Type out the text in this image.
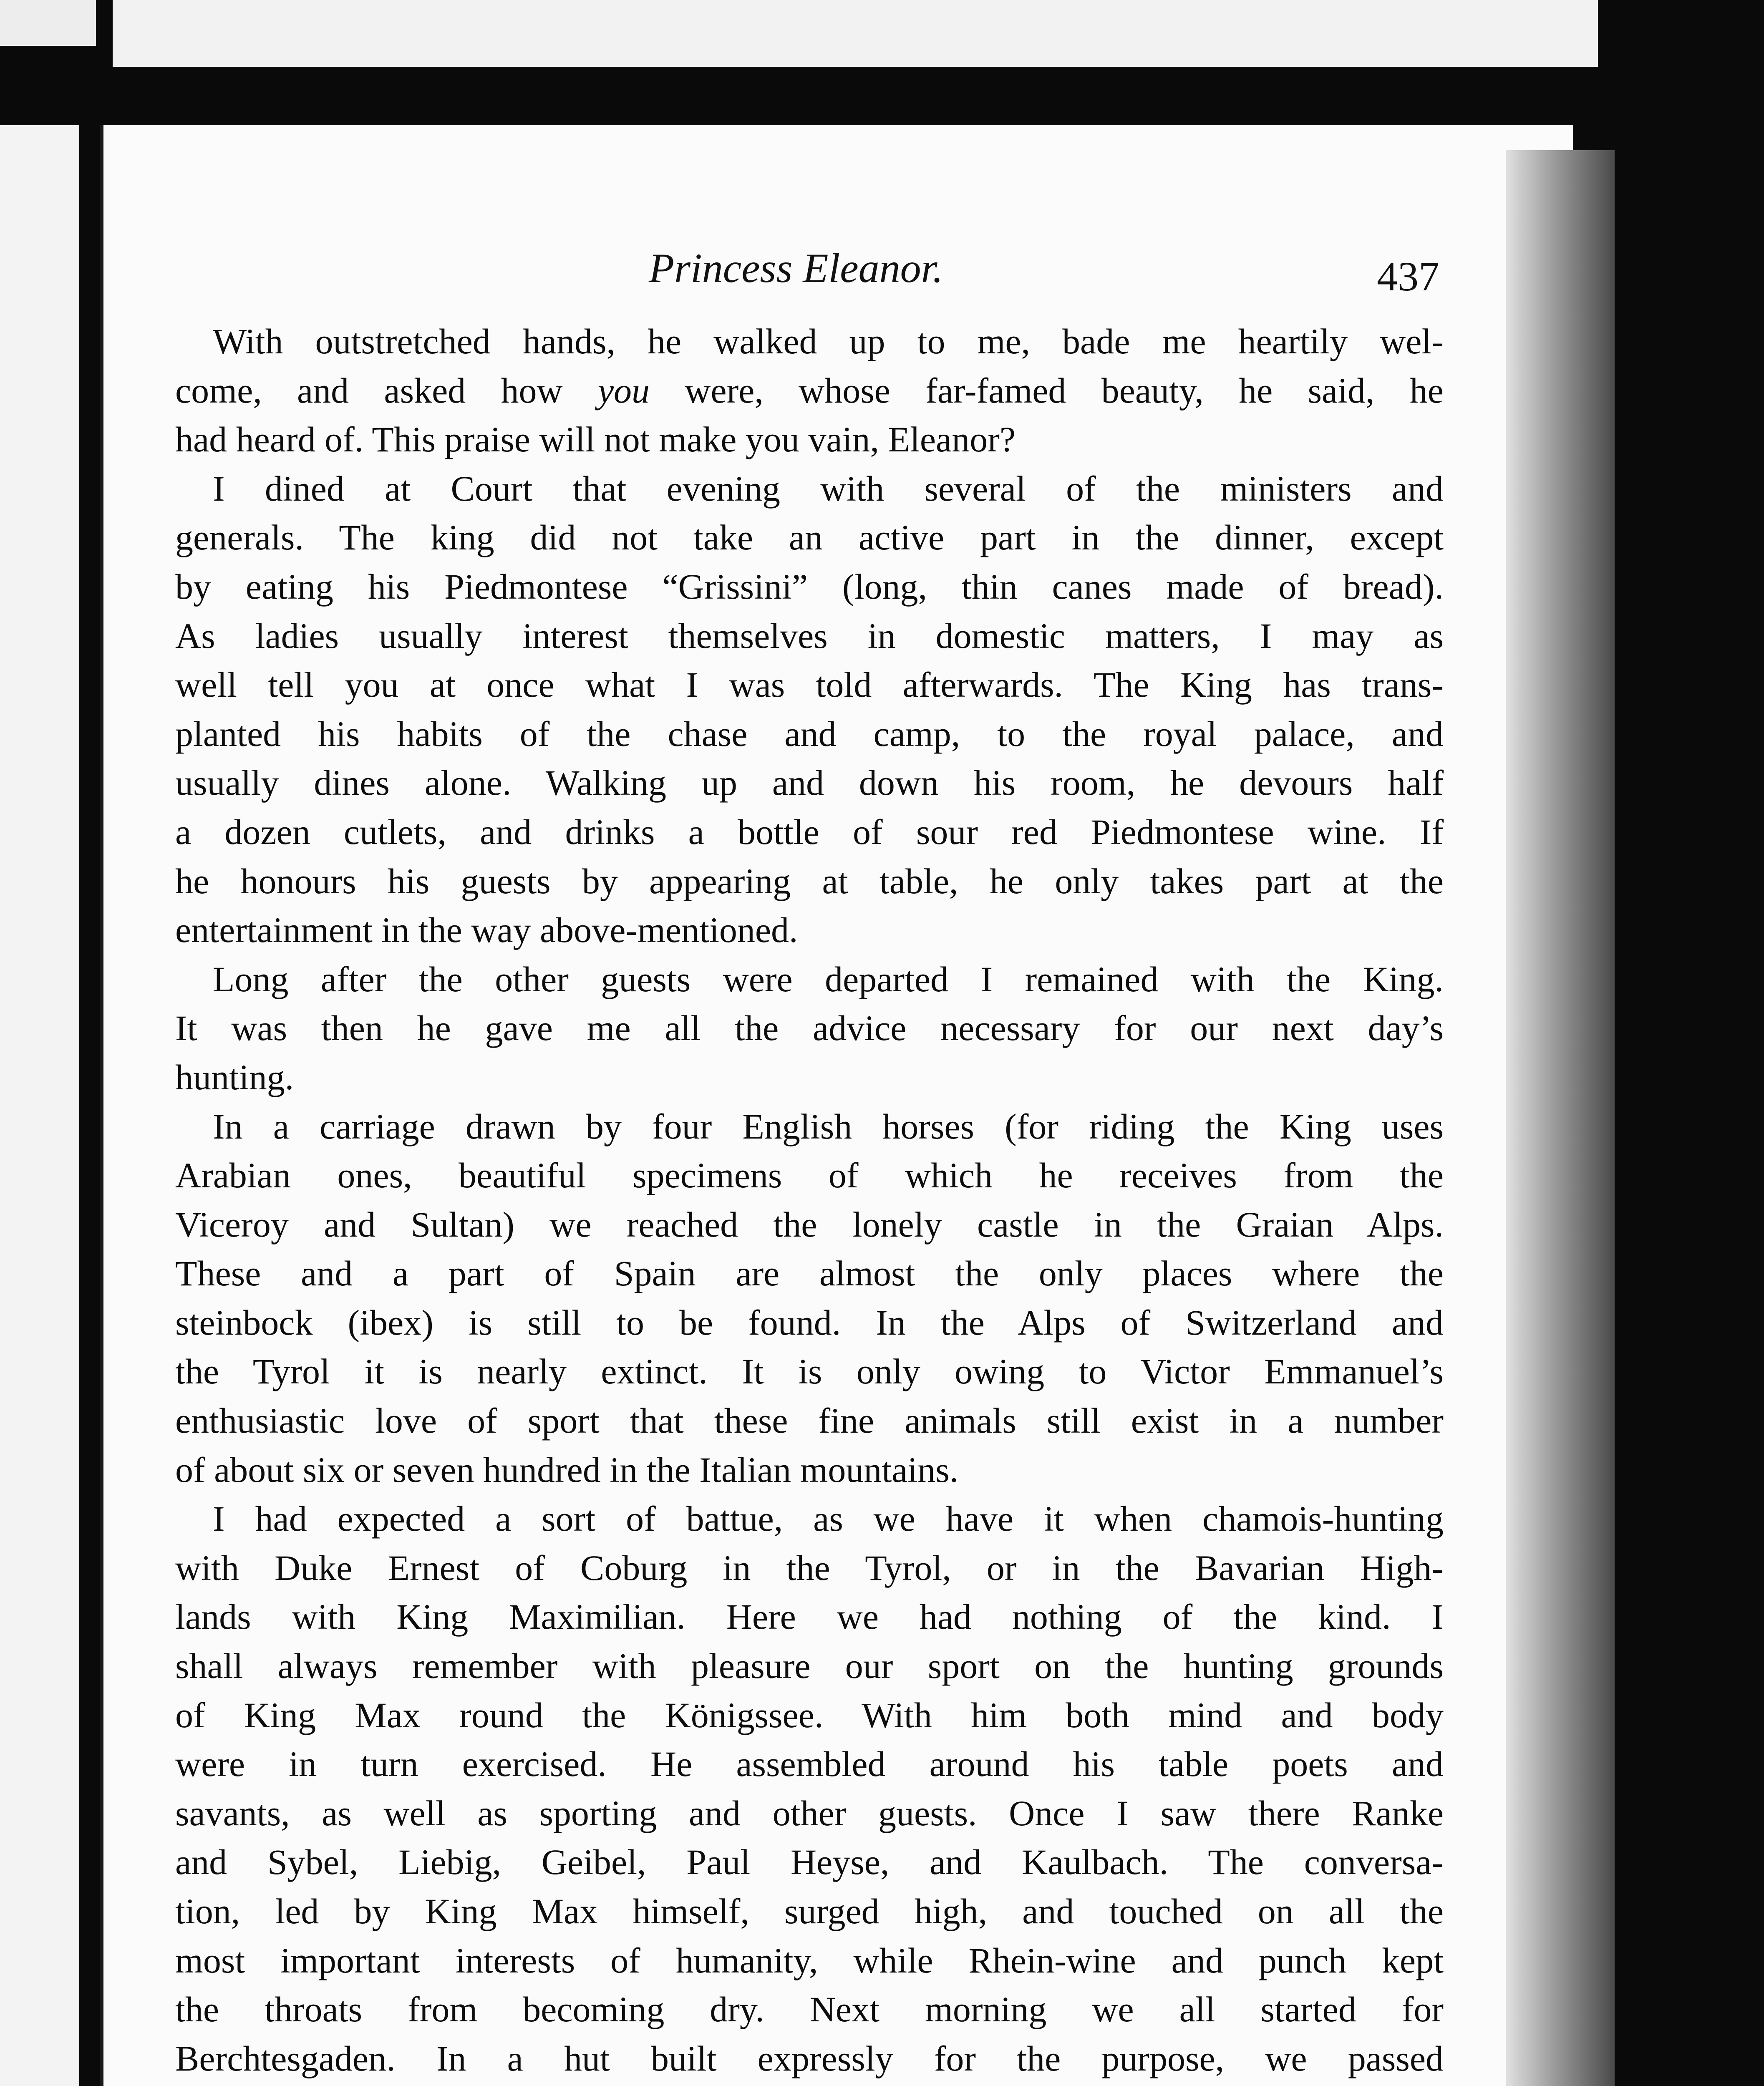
Princess Eleanor.	437
With outstretched hands, he walked up to me, bade me heartily wel-
come, and asked how you were, whose far-famed beauty, he said, he
had heard of. This praise will not make you vain, Eleanor?
I dined at Court that evening with several of the ministers and
generals. The king did not take an active part in the dinner, except
by eating his Piedmontese “Grissini” (long, thin canes made of bread).
As ladies usually interest themselves in domestic matters, I may as
well tell you at once what I was told afterwards. The King has trans-
planted his habits of the chase and camp, to the royal palace, and
usually dines alone. Walking up and down his room, he devours half
a dozen cutlets, and drinks a bottle of sour red Piedmontese wine. If
he honours his guests by appearing at table, he only takes part at the
entertainment in the way above-mentioned.
Long after the other guests were departed I remained with the King.
It was then he gave me all the advice necessary for our next day’s
hunting.
In a carriage drawn by four English horses (for riding the King uses
Arabian ones, beautiful specimens of which he receives from the
Viceroy and Sultan) we reached the lonely castle in the Graian Alps.
These and a part of Spain are almost the only places where the
steinbock (ibex) is still to be found. In the Alps of Switzerland and
the Tyrol it is nearly extinct. It is only owing to Victor Emmanuel’s
enthusiastic love of sport that these fine animals still exist in a number
of about six or seven hundred in the Italian mountains.
I had expected a sort of battue, as we have it when chamois-hunting
with Duke Ernest of Coburg in the Tyrol, or in the Bavarian High-
lands with King Maximilian. Here we had nothing of the kind. I
shall always remember with pleasure our sport on the hunting grounds
of King Max round the Königssee. With him both mind and body
were in turn exercised. He assembled around his table poets and
savants, as well as sporting and other guests. Once I saw there Ranke
and Sybel, Liebig, Geibel, Paul Heyse, and Kaulbach. The conversa-
tion, led by King Max himself, surged high, and touched on all the
most important interests of humanity, while Rhein-wine and punch kept
the throats from becoming dry. Next morning we all started for
Berchtesgaden. In a hut built expressly for the purpose, we passed
